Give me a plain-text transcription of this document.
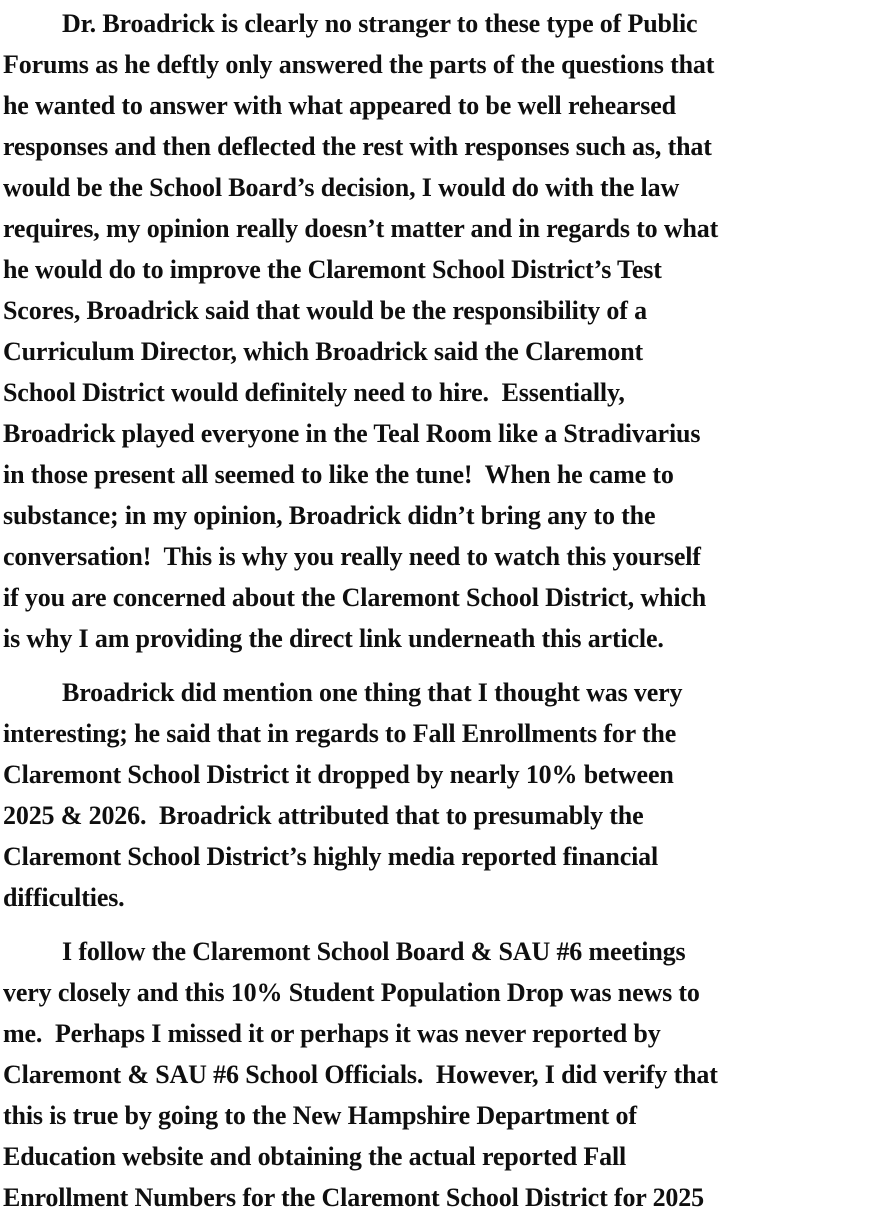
Dr. Broadrick is clearly no stranger to these type of Public
Forums as he deftly only answered the parts of the questions that
he wanted to answer with what appeared to be well rehearsed
responses and then deflected the rest with responses such as, that
would be the School Board’s decision, I would do with the law
requires, my opinion really doesn’t matter and in regards to what
he would do to improve the Claremont School District’s Test
Scores, Broadrick said that would be the responsibility of a
Curriculum Director, which Broadrick said the Claremont
School District would definitely need to hire.  Essentially,
Broadrick played everyone in the Teal Room like a Stradivarius
in those present all seemed to like the tune!  When he came to
substance; in my opinion, Broadrick didn’t bring any to the
conversation!  This is why you really need to watch this yourself
if you are concerned about the Claremont School District, which
is why I am providing the direct link underneath this article.
Broadrick did mention one thing that I thought was very
interesting; he said that in regards to Fall Enrollments for the
Claremont School District it dropped by nearly 10% between
2025 & 2026.  Broadrick attributed that to presumably the
Claremont School District’s highly media reported financial
difficulties.
I follow the Claremont School Board & SAU #6 meetings
very closely and this 10% Student Population Drop was news to
me.  Perhaps I missed it or perhaps it was never reported by
Claremont & SAU #6 School Officials.  However, I did verify that
this is true by going to the New Hampshire Department of
Education website and obtaining the actual reported Fall
Enrollment Numbers for the Claremont School District for 2025
